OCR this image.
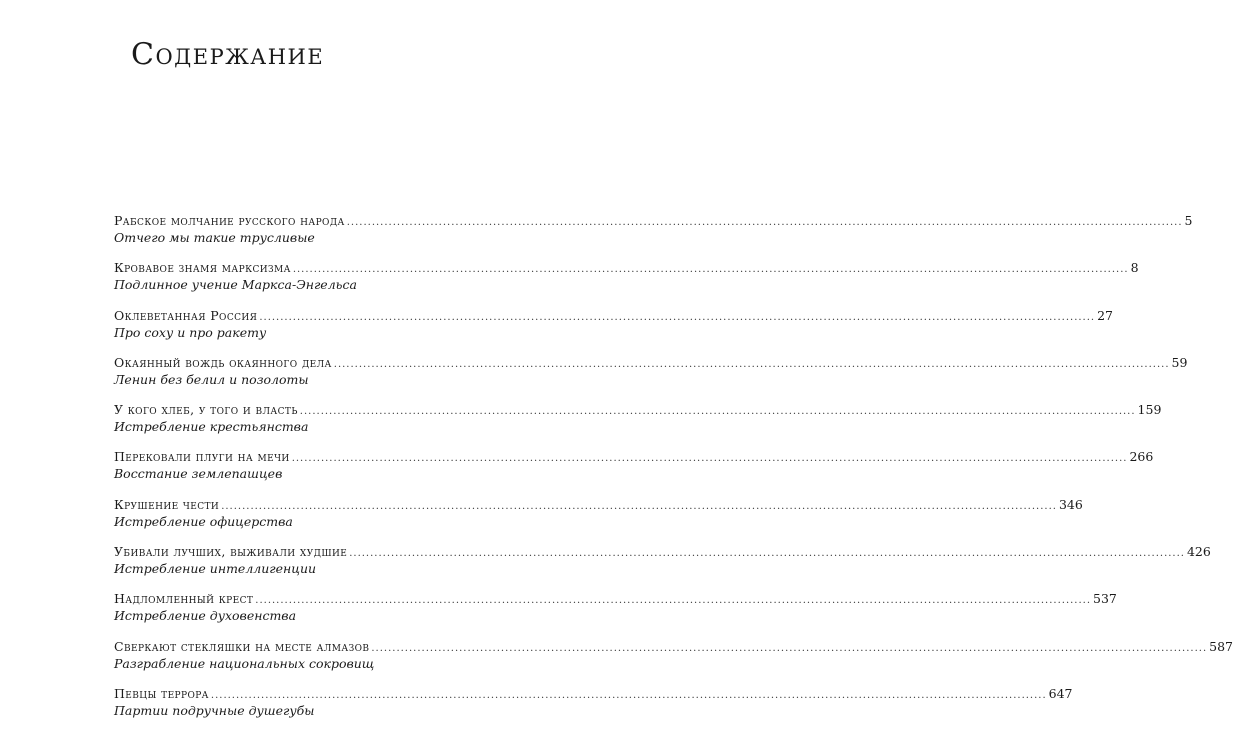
Содержание
Рабское молчание русского народа ........................................................................................................................................................................................................ 5
Отчего мы такие трусливые
Кровавое знамя марксизма ........................................................................................................................................................................................................ 8
Подлинное учение Маркса-Энгельса
Оклеветанная Россия ........................................................................................................................................................................................................ 27
Про соху и про ракету
Окаянный вождь окаянного дела ........................................................................................................................................................................................................ 59
Ленин без белил и позолоты
У кого хлеб, у того и власть ........................................................................................................................................................................................................ 159
Истребление крестьянства
Перековали плуги на мечи ........................................................................................................................................................................................................ 266
Восстание землепашцев
Крушение чести ........................................................................................................................................................................................................ 346
Истребление офицерства
Убивали лучших, выживали худшие ........................................................................................................................................................................................................ 426
Истребление интеллигенции
Надломленный крест ........................................................................................................................................................................................................ 537
Истребление духовенства
Сверкают стекляшки на месте алмазов ........................................................................................................................................................................................................ 587
Разграбление национальных сокровищ
Певцы террора ........................................................................................................................................................................................................ 647
Партии подручные душегубы
